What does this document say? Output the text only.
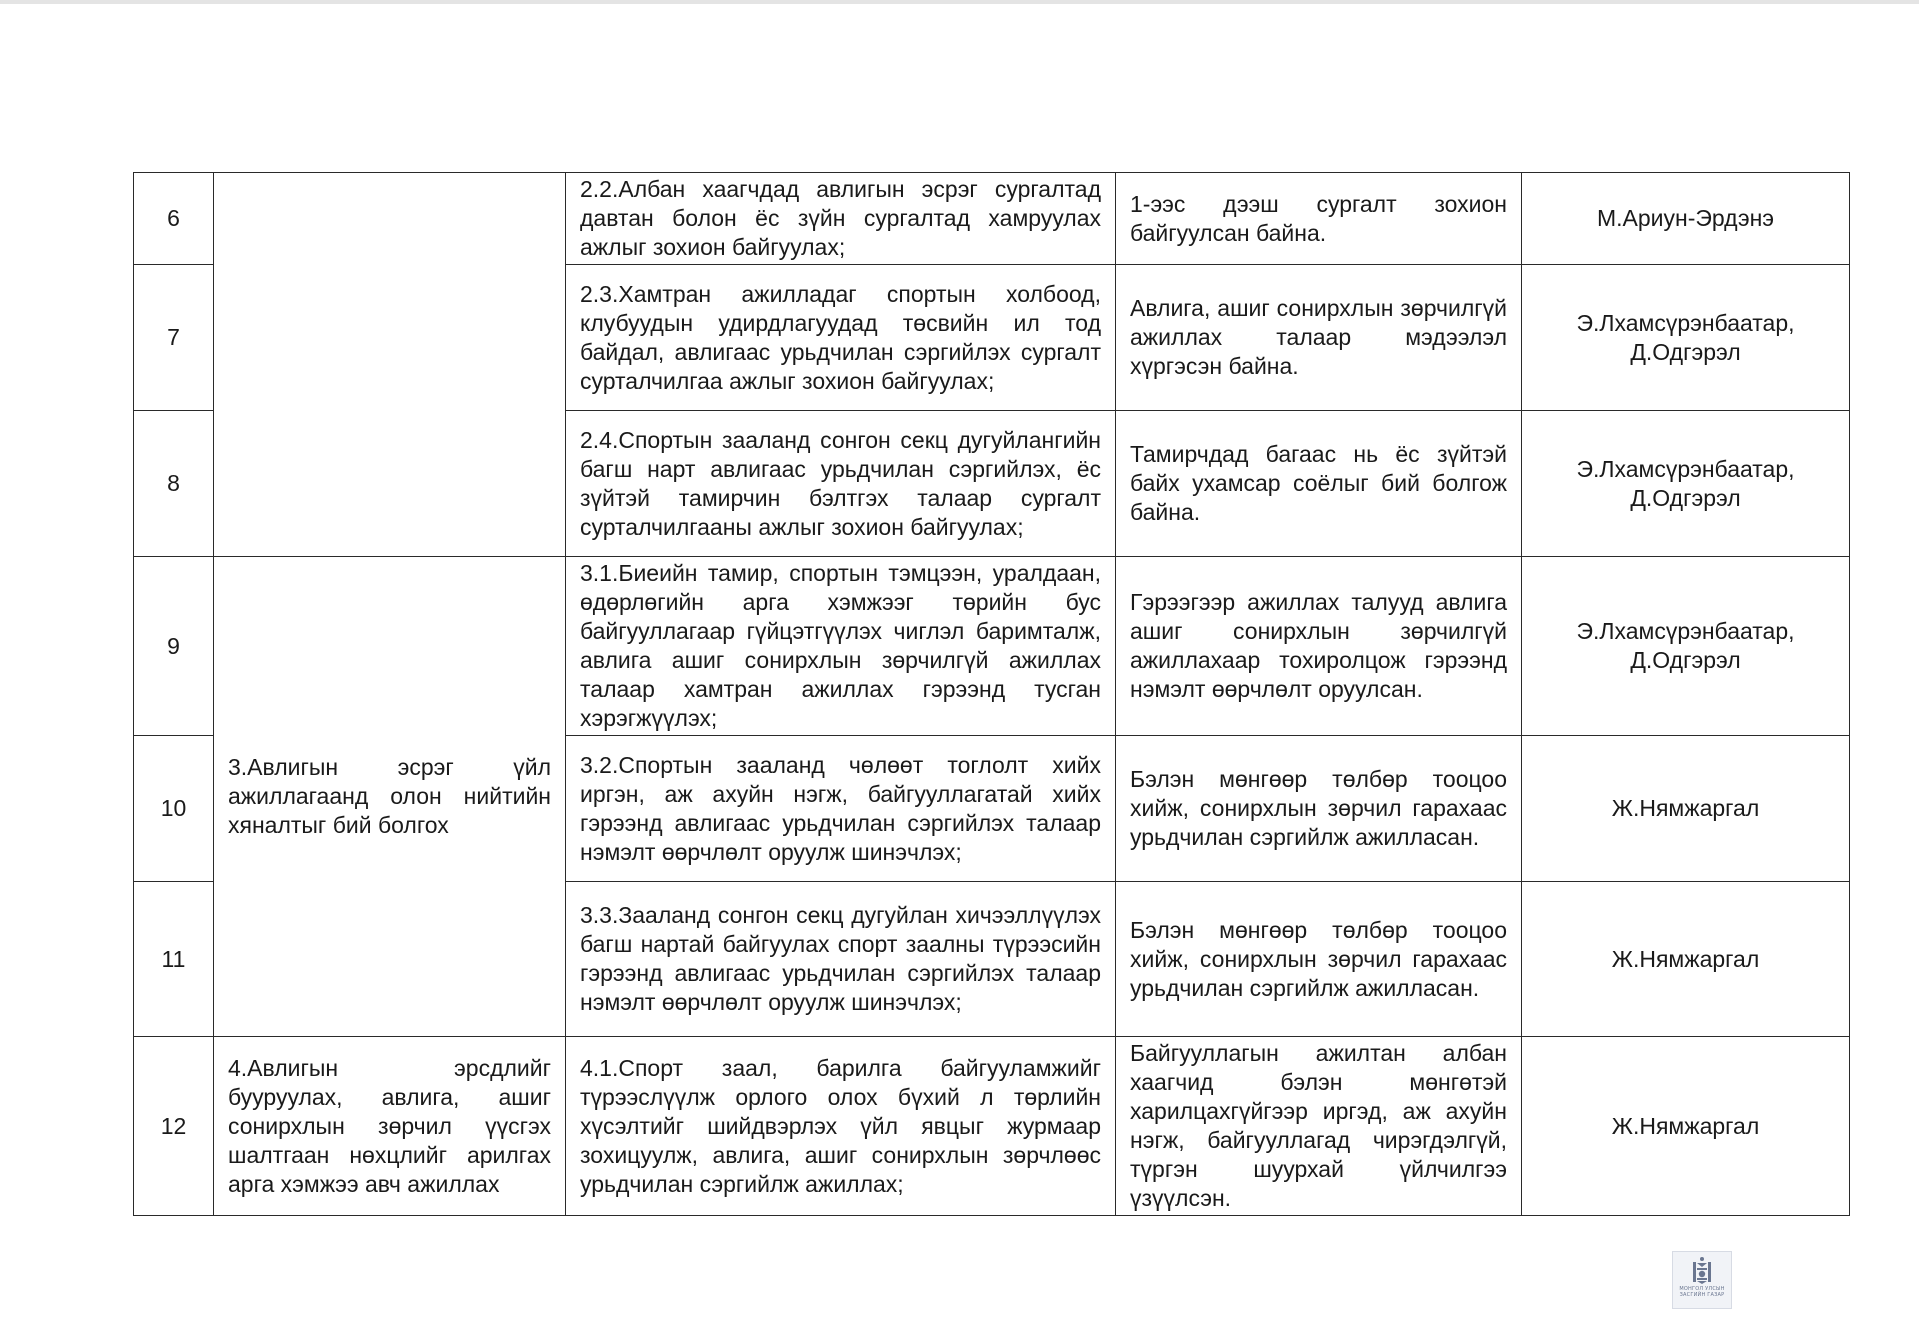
6		2.2.Албан хаагчдад авлигын эсрэг сургалтад давтан болон ёс зүйн сургалтад хамруулах ажлыг зохион байгуулах;	1-ээс дээш сургалт зохион байгуулсан байна.	М.Ариун-Эрдэнэ
7		2.3.Хамтран ажилладаг спортын холбоод, клубуудын удирдлагуудад төсвийн ил тод байдал, авлигаас урьдчилан сэргийлэх сургалт сурталчилгаа ажлыг зохион байгуулах;	Авлига, ашиг сонирхлын зөрчилгүй ажиллах талаар мэдээлэл хүргэсэн байна.	Э.Лхамсүрэнбаатар, Д.Одгэрэл
8		2.4.Спортын зааланд сонгон секц дугуйлангийн багш нарт авлигаас урьдчилан сэргийлэх, ёс зүйтэй тамирчин бэлтгэх талаар сургалт сурталчилгааны ажлыг зохион байгуулах;	Тамирчдад багаас нь ёс зүйтэй байх ухамсар соёлыг бий болгож байна.	Э.Лхамсүрэнбаатар, Д.Одгэрэл
9	3.Авлигын эсрэг үйл ажиллагаанд олон нийтийн хяналтыг бий болгох	3.1.Биеийн тамир, спортын тэмцээн, уралдаан, өдөрлөгийн арга хэмжээг төрийн бус байгууллагаар гүйцэтгүүлэх чиглэл баримталж, авлига ашиг сонирхлын зөрчилгүй ажиллах талаар хамтран ажиллах гэрээнд тусган хэрэгжүүлэх;	Гэрээгээр ажиллах талууд авлига ашиг сонирхлын зөрчилгүй ажиллахаар тохиролцож гэрээнд нэмэлт өөрчлөлт оруулсан.	Э.Лхамсүрэнбаатар, Д.Одгэрэл
10		3.2.Спортын зааланд чөлөөт тоглолт хийх иргэн, аж ахуйн нэгж, байгууллагатай хийх гэрээнд авлигаас урьдчилан сэргийлэх талаар нэмэлт өөрчлөлт оруулж шинэчлэх;	Бэлэн мөнгөөр төлбөр тооцоо хийж, сонирхлын зөрчил гарахаас урьдчилан сэргийлж ажилласан.	Ж.Нямжаргал
11		3.3.Зааланд сонгон секц дугуйлан хичээллүүлэх багш нартай байгуулах спорт заалны түрээсийн гэрээнд авлигаас урьдчилан сэргийлэх талаар нэмэлт өөрчлөлт оруулж шинэчлэх;	Бэлэн мөнгөөр төлбөр тооцоо хийж, сонирхлын зөрчил гарахаас урьдчилан сэргийлж ажилласан.	Ж.Нямжаргал
12	4.Авлигын эрсдлийг бууруулах, авлига, ашиг сонирхлын зөрчил үүсгэх шалтгаан нөхцлийг арилгах арга хэмжээ авч ажиллах	4.1.Спорт заал, барилга байгууламжийг түрээслүүлж орлого олох бүхий л төрлийн хүсэлтийг шийдвэрлэх үйл явцыг журмаар зохицуулж, авлига, ашиг сонирхлын зөрчлөөс урьдчилан сэргийлж ажиллах;	Байгууллагын ажилтан албан хаагчид бэлэн мөнгөтэй харилцахгүйгээр иргэд, аж ахуйн нэгж, байгууллагад чирэгдэлгүй, түргэн шуурхай үйлчилгээ үзүүлсэн.	Ж.Нямжаргал
МОНГОЛ УЛСЫН ЗАСГИЙН ГАЗАР
